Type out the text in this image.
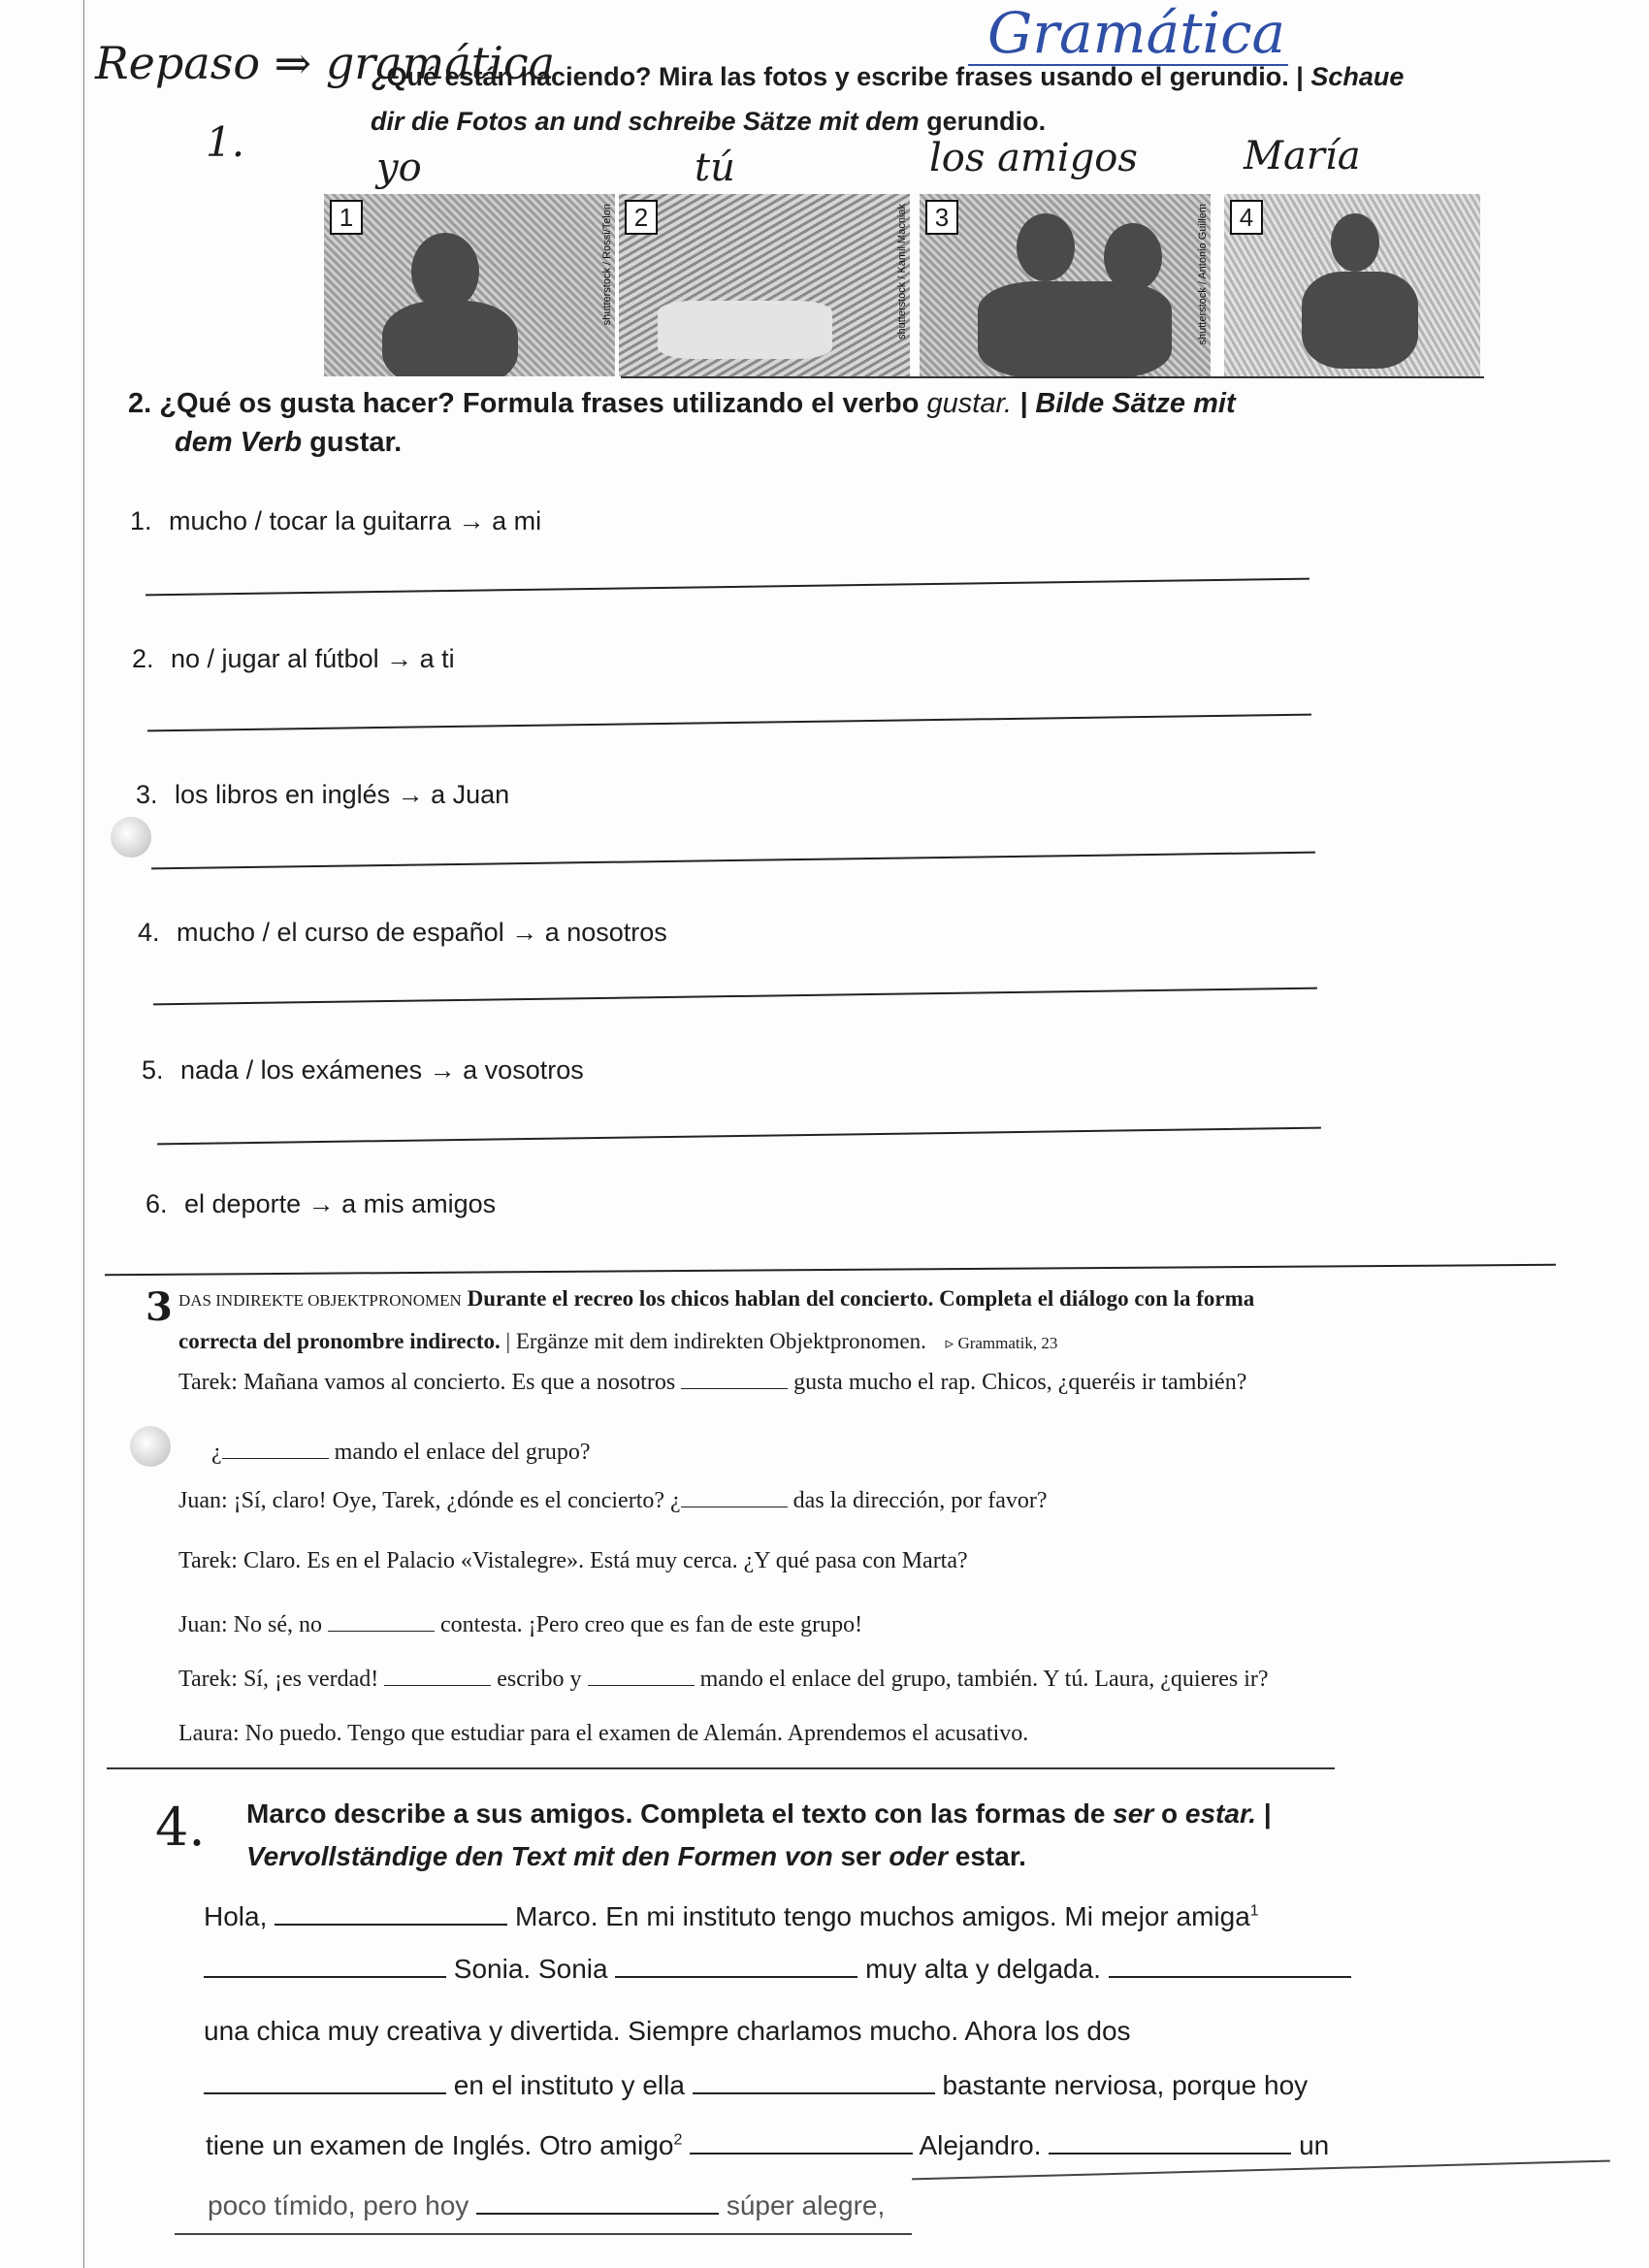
Repaso ⇒ gramática	Gramática
1.
¿Qué están haciendo? Mira las fotos y escribe frases usando el gerundio. | Schaue
dir die Fotos an und schreibe Sätze mit dem gerundio.
yo	tú	los amigos	María
1	shutterstock / Rossi/Telon 2	shutterstock / Kamil Macniak	3	shutterstock / Antonio Guillem	4
2. ¿Qué os gusta hacer? Formula frases utilizando el verbo gustar. | Bilde Sätze mit
dem Verb gustar.
1. mucho / tocar la guitarra → a mi
2. no / jugar al fútbol → a ti
3. los libros en inglés → a Juan
4. mucho / el curso de español → a nosotros
5. nada / los exámenes → a vosotros
6. el deporte → a mis amigos
3 DAS INDIREKTE OBJEKTPRONOMEN Durante el recreo los chicos hablan del concierto. Completa el diálogo con la forma
correcta del pronombre indirecto. | Ergänze mit dem indirekten Objektpronomen. ▹ Grammatik, 23
Tarek: Mañana vamos al concierto. Es que a nosotros	gusta mucho el rap. Chicos, ¿queréis ir también?
¿	mando el enlace del grupo?
Juan: ¡Sí, claro! Oye, Tarek, ¿dónde es el concierto? ¿	das la dirección, por favor?
Tarek: Claro. Es en el Palacio «Vistalegre». Está muy cerca. ¿Y qué pasa con Marta?
Juan: No sé, no	contesta. ¡Pero creo que es fan de este grupo!
Tarek: Sí, ¡es verdad!	escribo y	mando el enlace del grupo, también. Y tú. Laura, ¿quieres ir?
Laura: No puedo. Tengo que estudiar para el examen de Alemán. Aprendemos el acusativo.
4. Marco describe a sus amigos. Completa el texto con las formas de ser o estar. |
Vervollständige den Text mit den Formen von ser oder estar.
Hola,	Marco. En mi instituto tengo muchos amigos. Mi mejor amiga$^1$
Sonia. Sonia	muy alta y delgada.
una chica muy creativa y divertida. Siempre charlamos mucho. Ahora los dos
en el instituto y ella	bastante nerviosa, porque hoy
tiene un examen de Inglés. Otro amigo$^2$	Alejandro.	un
poco tímido, pero hoy	súper alegre,
